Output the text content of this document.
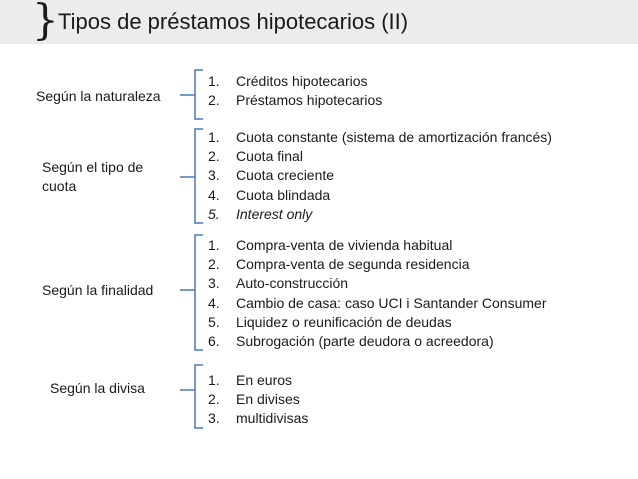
} Tipos de préstamos hipotecarios (II)
Según la naturaleza
1.	Créditos hipotecarios
2.	Préstamos hipotecarios
Según el tipo de
cuota
1.	Cuota constante (sistema de amortización francés)
2.	Cuota final
3.	Cuota creciente
4.	Cuota blindada
5.	Interest only
Según la finalidad
1.	Compra-venta de vivienda habitual
2.	Compra-venta de segunda residencia
3.	Auto-construcción
4.	Cambio de casa: caso UCI i Santander Consumer
5.	Liquidez o reunificación de deudas
6.	Subrogación (parte deudora o acreedora)
Según la divisa	1.	En euros
2.	En divises
3.	multidivisas
